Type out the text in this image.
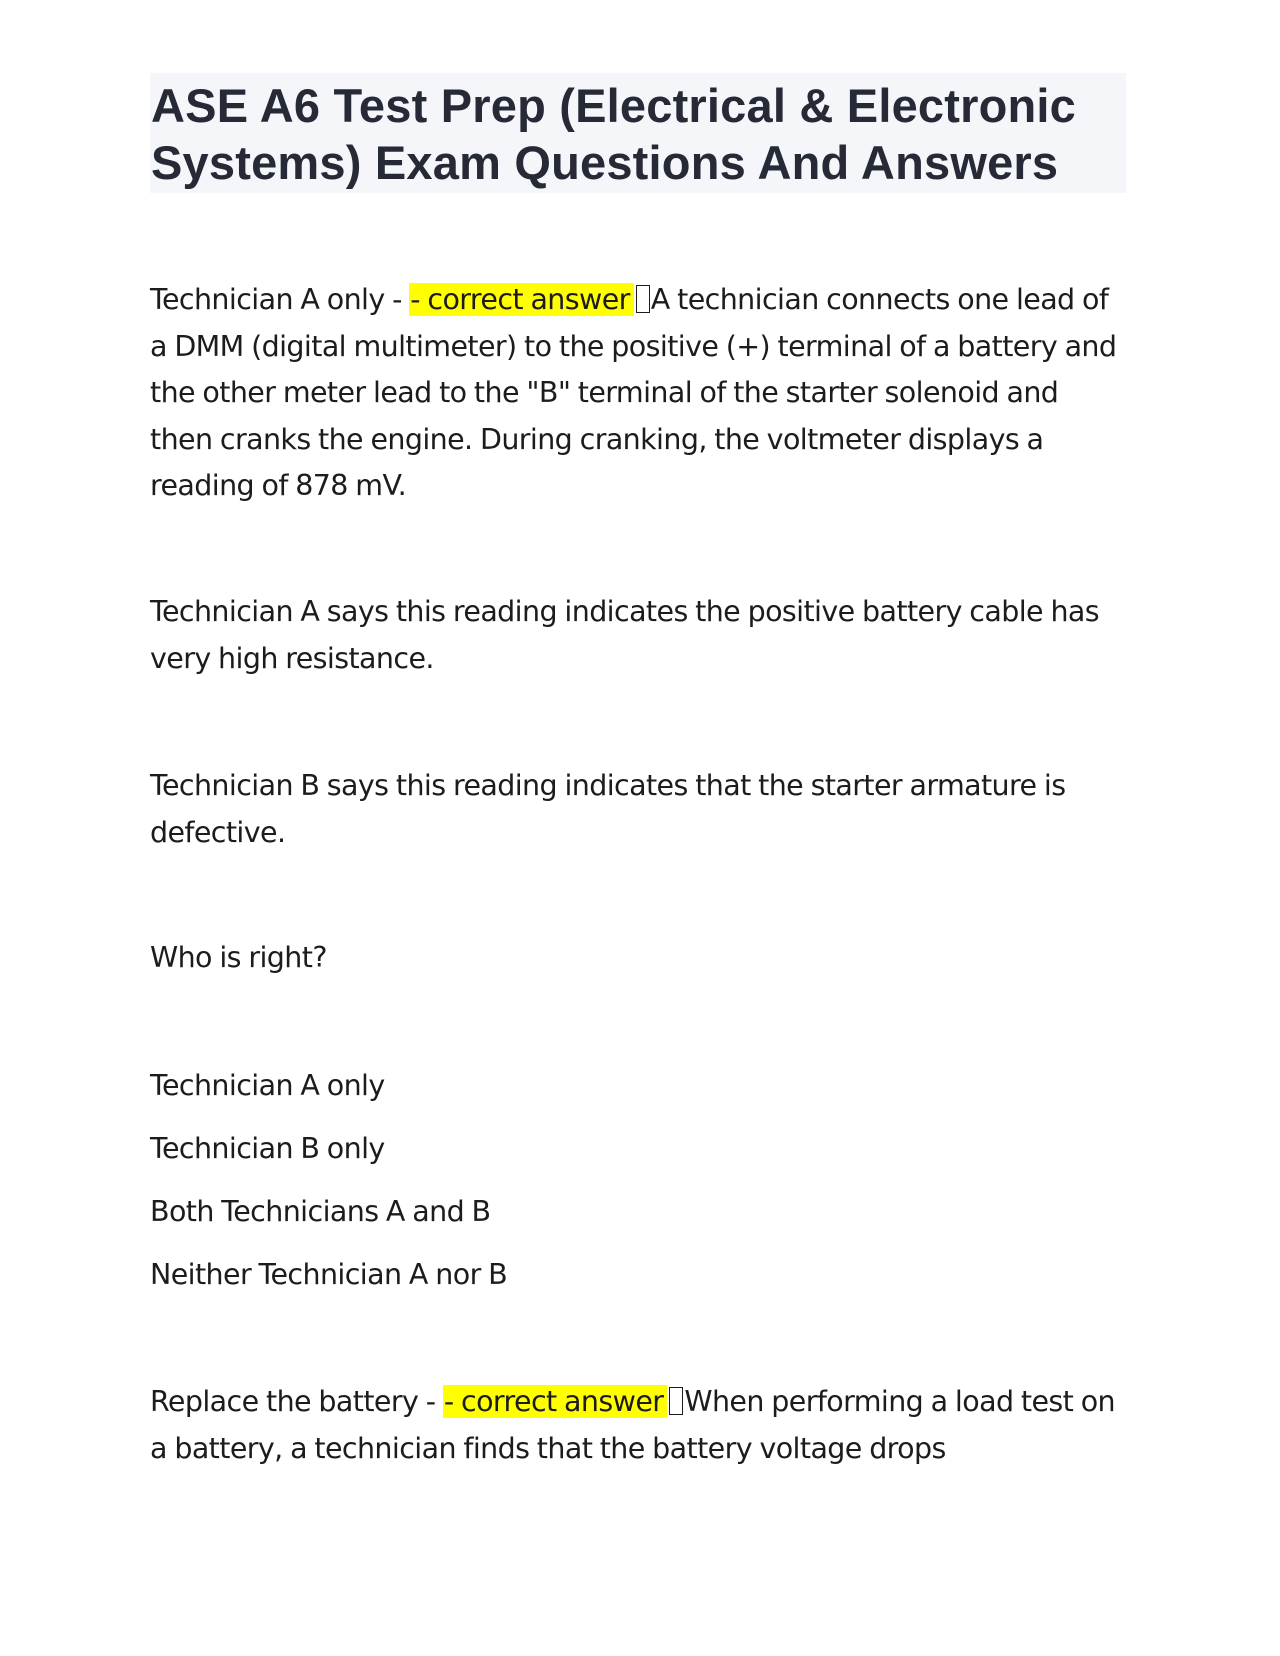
ASE A6 Test Prep (Electrical & Electronic Systems) Exam Questions And Answers

Technician A only - - correct answer A technician connects one lead of a DMM (digital multimeter) to the positive (+) terminal of a battery and the other meter lead to the "B" terminal of the starter solenoid and then cranks the engine. During cranking, the voltmeter displays a reading of 878 mV.

Technician A says this reading indicates the positive battery cable has very high resistance.

Technician B says this reading indicates that the starter armature is defective.

Who is right?

Technician A only
Technician B only
Both Technicians A and B
Neither Technician A nor B

Replace the battery - - correct answer When performing a load test on a battery, a technician finds that the battery voltage drops
